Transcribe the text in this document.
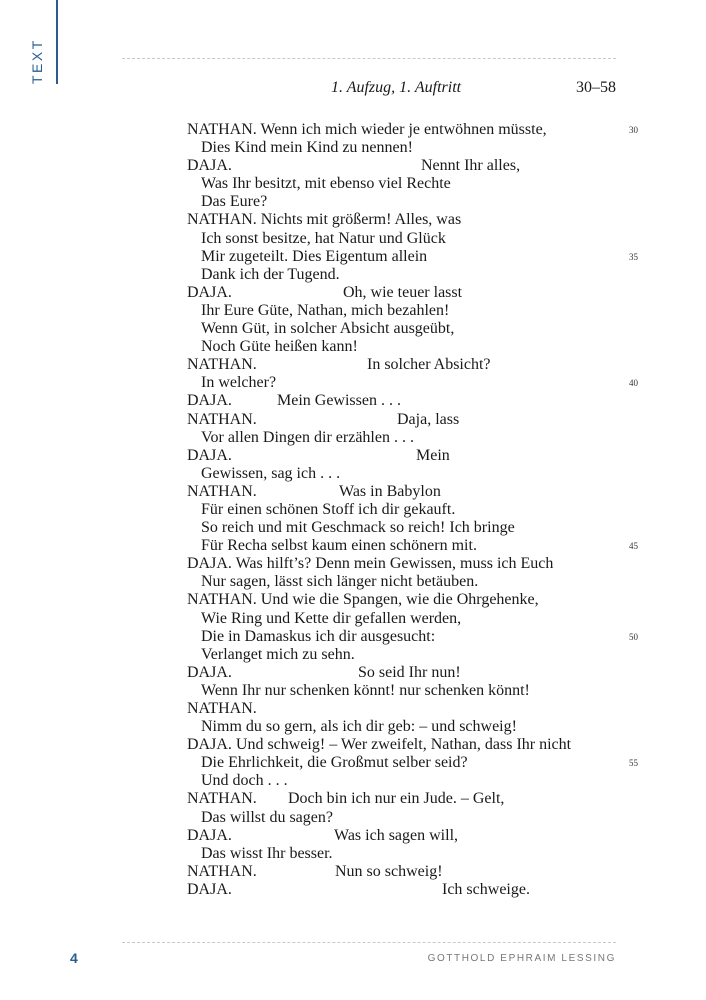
TEXT
1. Aufzug, 1. Auftritt	30–58
NATHAN. Wenn ich mich wieder je entwöhnen müsste,	30
Dies Kind mein Kind zu nennen!
DAJA.	Nennt Ihr alles,
Was Ihr besitzt, mit ebenso viel Rechte
Das Eure?
NATHAN. Nichts mit größerm! Alles, was
Ich sonst besitze, hat Natur und Glück
Mir zugeteilt. Dies Eigentum allein	35
Dank ich der Tugend.
DAJA.	Oh, wie teuer lasst
Ihr Eure Güte, Nathan, mich bezahlen!
Wenn Güt, in solcher Absicht ausgeübt,
Noch Güte heißen kann!
NATHAN.	In solcher Absicht?
In welcher?	40
DAJA.	Mein Gewissen . . .
NATHAN.	Daja, lass
Vor allen Dingen dir erzählen . . .
DAJA.	Mein
Gewissen, sag ich . . .
NATHAN.	Was in Babylon
Für einen schönen Stoff ich dir gekauft.
So reich und mit Geschmack so reich! Ich bringe
Für Recha selbst kaum einen schönern mit.	45
DAJA. Was hilft’s? Denn mein Gewissen, muss ich Euch
Nur sagen, lässt sich länger nicht betäuben.
NATHAN. Und wie die Spangen, wie die Ohrgehenke,
Wie Ring und Kette dir gefallen werden,
Die in Damaskus ich dir ausgesucht:	50
Verlanget mich zu sehn.
DAJA.	So seid Ihr nun!
Wenn Ihr nur schenken könnt! nur schenken könnt!
NATHAN.
Nimm du so gern, als ich dir geb: – und schweig!
DAJA. Und schweig! – Wer zweifelt, Nathan, dass Ihr nicht
Die Ehrlichkeit, die Großmut selber seid?	55
Und doch . . .
NATHAN. Doch bin ich nur ein Jude. – Gelt,
Das willst du sagen?
DAJA.	Was ich sagen will,
Das wisst Ihr besser.
NATHAN.	Nun so schweig!
DAJA.	Ich schweige.
4	GOTTHOLD EPHRAIM LESSING
